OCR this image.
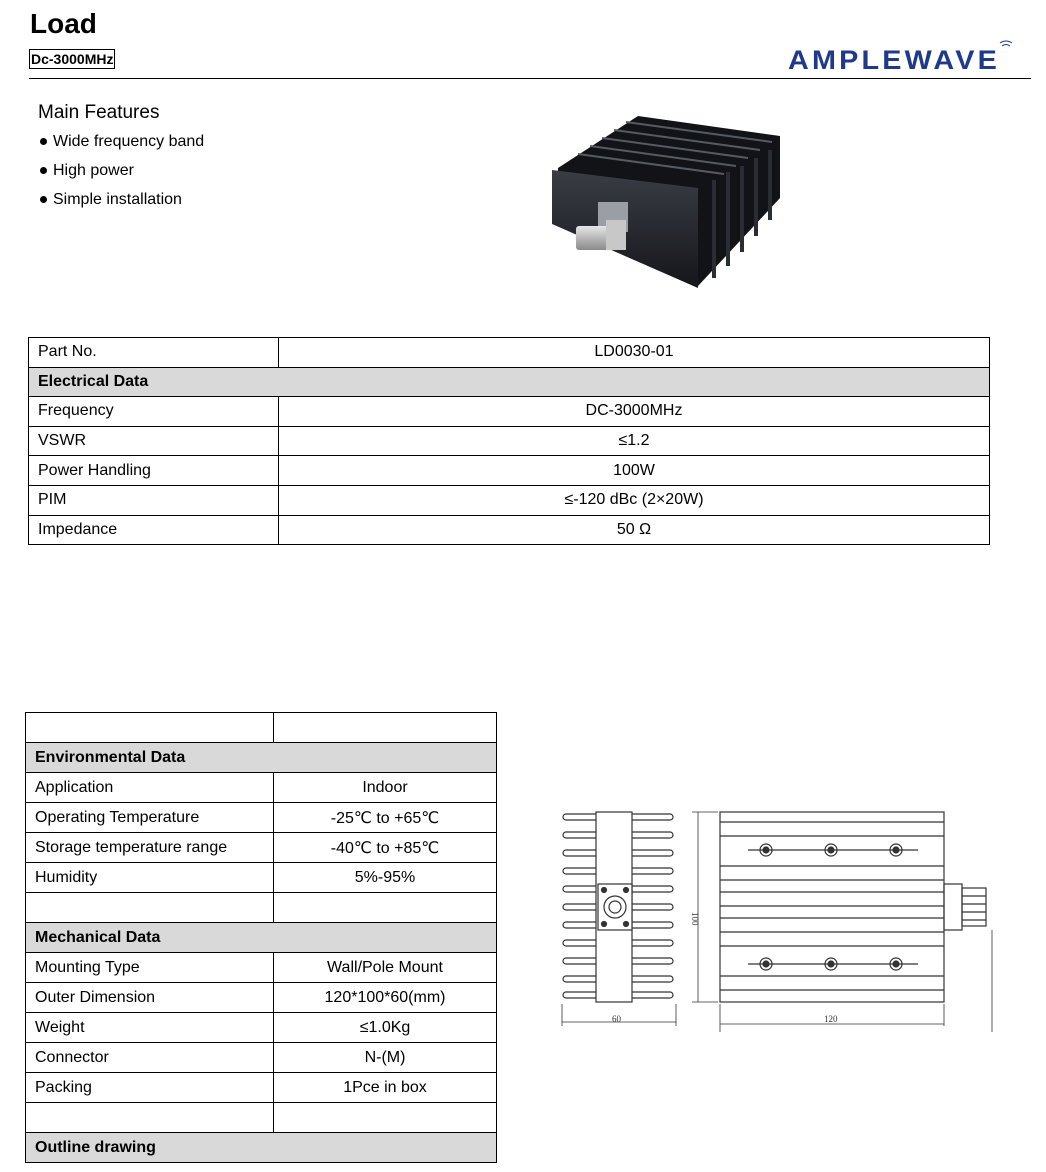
Load
Dc-3000MHz	AMPLEWAVE
Main Features
Wide frequency band
High power
Simple installation
Part No.	LD0030-01
Electrical Data	
Frequency	DC-3000MHz
VSWR	≤1.2
Power Handling	100W
PIM	≤-120 dBc (2×20W)
Impedance	50 Ω

Environmental Data	
Application	Indoor
Operating Temperature	-25℃ to +65℃
Storage temperature range	-40℃ to +85℃
Humidity	5%-95%

Mechanical Data	
Mounting Type	Wall/Pole Mount
Outer Dimension	120*100*60(mm)
Weight	≤1.0Kg
Connector	N-(M)
Packing	1Pce in box

Outline drawing	
60
100
120
